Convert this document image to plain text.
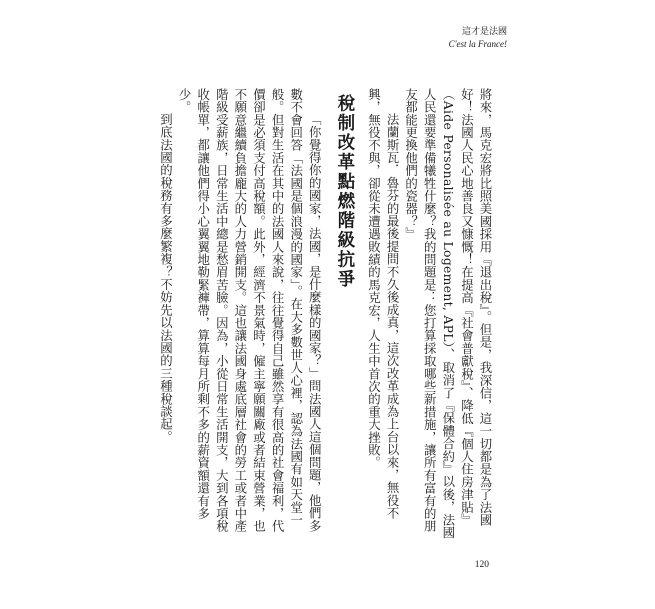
這才是法國
C'est la France!

將來，馬克宏將比照美國採用『退出稅』。但是，我深信，這一切都是為了法國好！法國人民心地善良又慷慨！在提高『社會普獻稅』、降低『個人住房津貼』（Aide Personalisée au Logement, APL）、取消了『保體合約』以後，法國人民還要準備犧牲什麼？我的問題是：您打算採取哪些新措施，讓所有富有的朋友都能更換他們的瓷器？』

法蘭斯瓦．魯芬的最後提問不久後成真，這次改革成為上台以來，無役不興，無役不與，卻從未遭遇敗績的馬克宏，人生中首次的重大挫敗。

稅制改革點燃階級抗爭

「你覺得你的國家，法國，是什麼樣的國家？」問法國人這個問題，他們多數不會回答「法國是個浪漫的國家」。在大多數世人心裡，認為法國有如天堂一般。但對生活在其中的法國人來說，往往覺得自己雖然享有很高的社會福利，代價卻是必須支付高稅額。此外，經濟不景氣時，僱主寧願關廠或者結束營業，也不願意繼續負擔龐大的人力營銷開支。這也讓法國身處底層社會的勞工或者中產階級受薪族，日常生活中總是愁眉苦臉。因為，小從日常生活開支，大到各項稅收帳單，都讓他們得小心翼翼地勒緊褲帶，算算每月所剩不多的薪資額還有多少。

到底法國的稅務有多麼繁複？不妨先以法國的三種稅談起。

120
